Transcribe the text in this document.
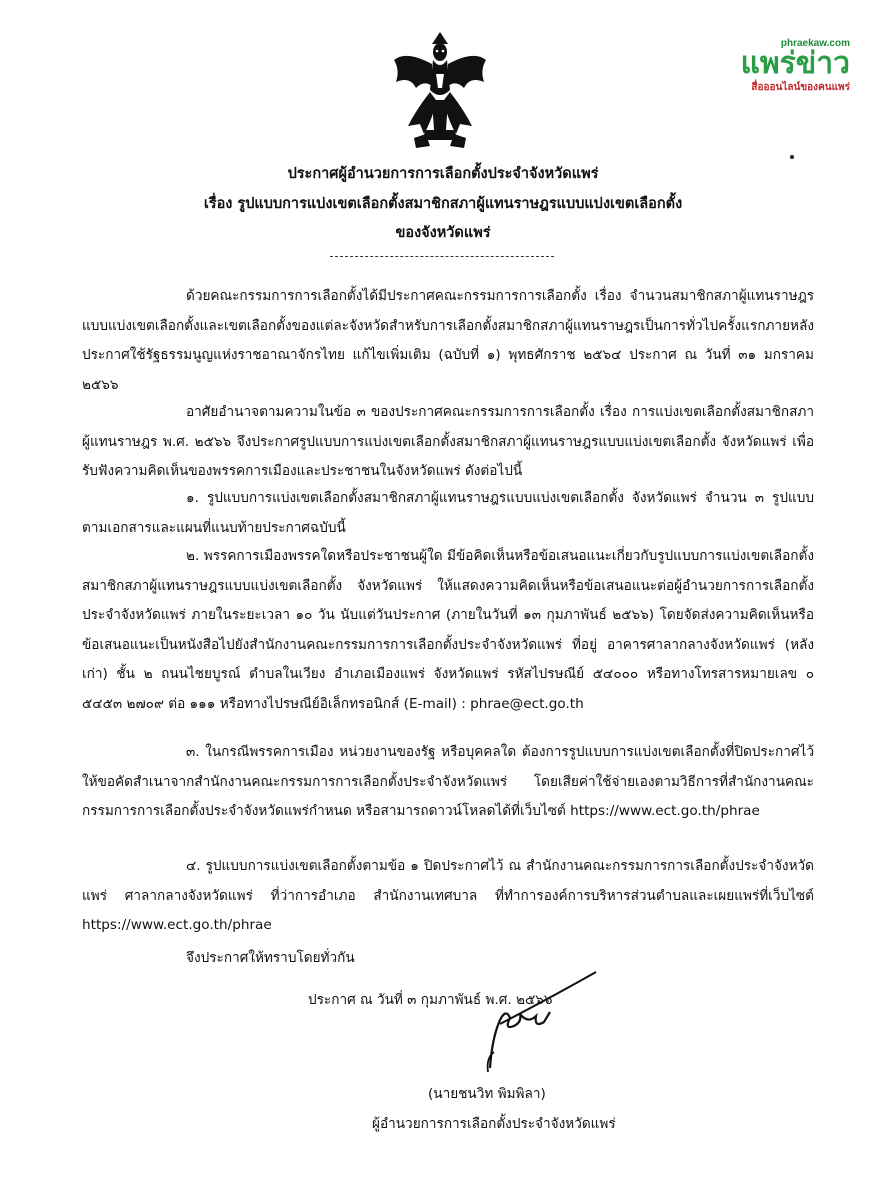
phraekaw.com
แพร่ข่าว
สื่อออนไลน์ของคนแพร่
ประกาศผู้อำนวยการการเลือกตั้งประจำจังหวัดแพร่
เรื่อง รูปแบบการแบ่งเขตเลือกตั้งสมาชิกสภาผู้แทนราษฎรแบบแบ่งเขตเลือกตั้ง
ของจังหวัดแพร่

ด้วยคณะกรรมการการเลือกตั้งได้มีประกาศคณะกรรมการการเลือกตั้ง เรื่อง จำนวนสมาชิกสภาผู้แทนราษฎรแบบแบ่งเขตเลือกตั้งและเขตเลือกตั้งของแต่ละจังหวัดสำหรับการเลือกตั้งสมาชิกสภาผู้แทนราษฎรเป็นการทั่วไปครั้งแรกภายหลังประกาศใช้รัฐธรรมนูญแห่งราชอาณาจักรไทย แก้ไขเพิ่มเติม (ฉบับที่ ๑) พุทธศักราช ๒๕๖๔ ประกาศ ณ วันที่ ๓๑ มกราคม ๒๕๖๖

อาศัยอำนาจตามความในข้อ ๓ ของประกาศคณะกรรมการการเลือกตั้ง เรื่อง การแบ่งเขตเลือกตั้งสมาชิกสภาผู้แทนราษฎร พ.ศ. ๒๕๖๖ จึงประกาศรูปแบบการแบ่งเขตเลือกตั้งสมาชิกสภาผู้แทนราษฎรแบบแบ่งเขตเลือกตั้ง จังหวัดแพร่ เพื่อรับฟังความคิดเห็นของพรรคการเมืองและประชาชนในจังหวัดแพร่ ดังต่อไปนี้

๑. รูปแบบการแบ่งเขตเลือกตั้งสมาชิกสภาผู้แทนราษฎรแบบแบ่งเขตเลือกตั้ง จังหวัดแพร่ จำนวน ๓ รูปแบบ ตามเอกสารและแผนที่แนบท้ายประกาศฉบับนี้

๒. พรรคการเมืองพรรคใดหรือประชาชนผู้ใด มีข้อคิดเห็นหรือข้อเสนอแนะเกี่ยวกับรูปแบบการแบ่งเขตเลือกตั้งสมาชิกสภาผู้แทนราษฎรแบบแบ่งเขตเลือกตั้ง จังหวัดแพร่ ให้แสดงความคิดเห็นหรือข้อเสนอแนะต่อผู้อำนวยการการเลือกตั้งประจำจังหวัดแพร่ ภายในระยะเวลา ๑๐ วัน นับแต่วันประกาศ (ภายในวันที่ ๑๓ กุมภาพันธ์ ๒๕๖๖) โดยจัดส่งความคิดเห็นหรือข้อเสนอแนะเป็นหนังสือไปยังสำนักงานคณะกรรมการการเลือกตั้งประจำจังหวัดแพร่ ที่อยู่ อาคารศาลากลางจังหวัดแพร่ (หลังเก่า) ชั้น ๒ ถนนไชยบูรณ์ ตำบลในเวียง อำเภอเมืองแพร่ จังหวัดแพร่ รหัสไปรษณีย์ ๕๔๐๐๐ หรือทางโทรสารหมายเลข ๐ ๕๔๕๓ ๒๗๐๙ ต่อ ๑๑๑ หรือทางไปรษณีย์อิเล็กทรอนิกส์ (E-mail) : phrae@ect.go.th

๓. ในกรณีพรรคการเมือง หน่วยงานของรัฐ หรือบุคคลใด ต้องการรูปแบบการแบ่งเขตเลือกตั้งที่ปิดประกาศไว้ ให้ขอคัดสำเนาจากสำนักงานคณะกรรมการการเลือกตั้งประจำจังหวัดแพร่ โดยเสียค่าใช้จ่ายเองตามวิธีการที่สำนักงานคณะกรรมการการเลือกตั้งประจำจังหวัดแพร่กำหนด หรือสามารถดาวน์โหลดได้ที่เว็บไซต์ https://www.ect.go.th/phrae

๔. รูปแบบการแบ่งเขตเลือกตั้งตามข้อ ๑ ปิดประกาศไว้ ณ สำนักงานคณะกรรมการการเลือกตั้งประจำจังหวัดแพร่ ศาลากลางจังหวัดแพร่ ที่ว่าการอำเภอ สำนักงานเทศบาล ที่ทำการองค์การบริหารส่วนตำบลและเผยแพร่ที่เว็บไซต์ https://www.ect.go.th/phrae

จึงประกาศให้ทราบโดยทั่วกัน
ประกาศ ณ วันที่ ๓ กุมภาพันธ์ พ.ศ. ๒๕๖๖
(นายชนวิท พิมพิลา)
ผู้อำนวยการการเลือกตั้งประจำจังหวัดแพร่
